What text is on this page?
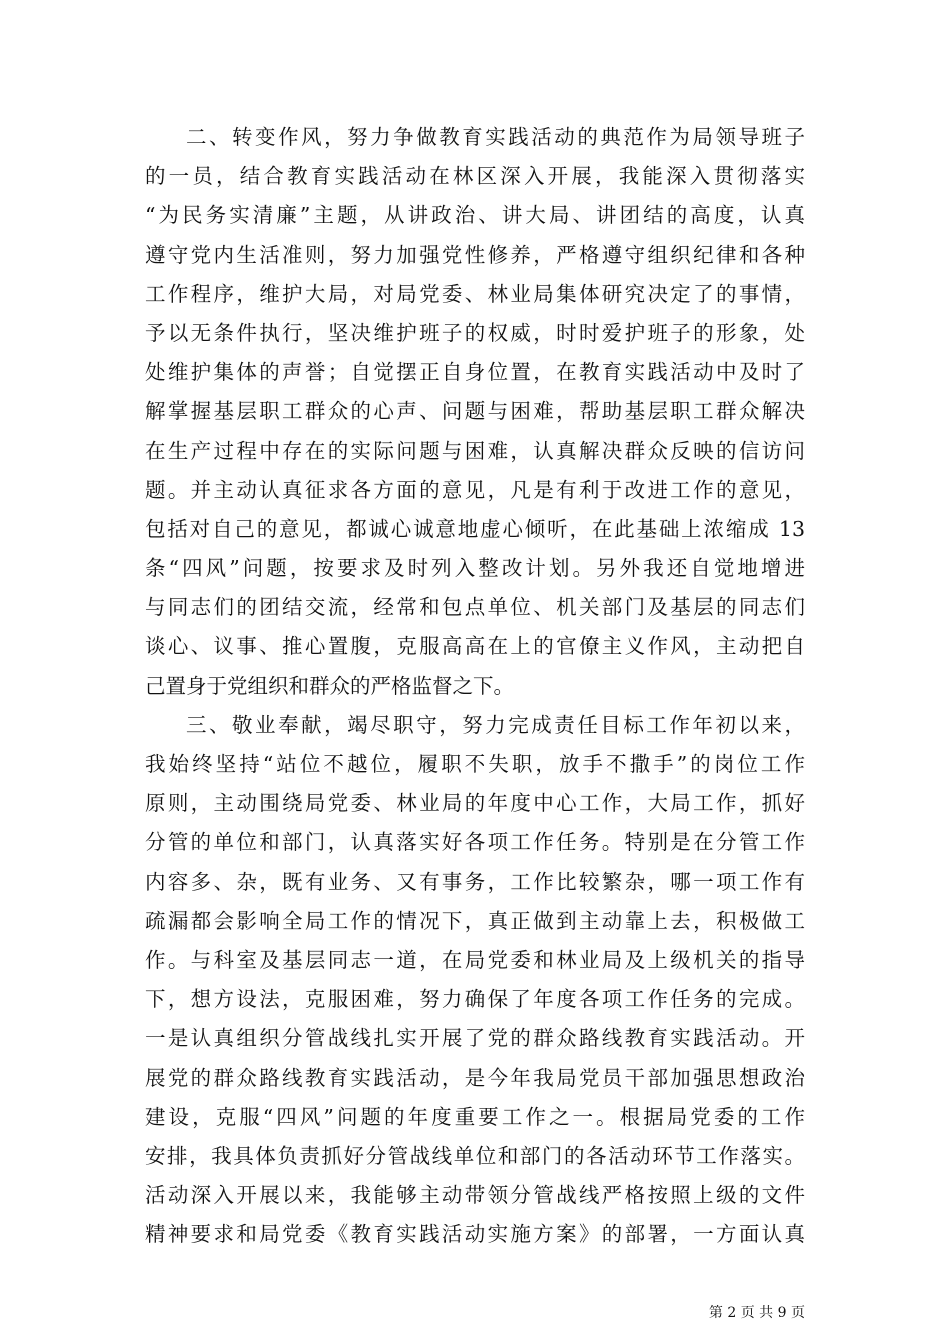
二、转变作风，努力争做教育实践活动的典范作为局领导班子
的一员，结合教育实践活动在林区深入开展，我能深入贯彻落实
“为民务实清廉”主题，从讲政治、讲大局、讲团结的高度，认真
遵守党内生活准则，努力加强党性修养，严格遵守组织纪律和各种
工作程序，维护大局，对局党委、林业局集体研究决定了的事情，
予以无条件执行，坚决维护班子的权威，时时爱护班子的形象，处
处维护集体的声誉；自觉摆正自身位置，在教育实践活动中及时了
解掌握基层职工群众的心声、问题与困难，帮助基层职工群众解决
在生产过程中存在的实际问题与困难，认真解决群众反映的信访问
题。并主动认真征求各方面的意见，凡是有利于改进工作的意见，
包括对自己的意见，都诚心诚意地虚心倾听，在此基础上浓缩成 13
条“四风”问题，按要求及时列入整改计划。另外我还自觉地增进
与同志们的团结交流，经常和包点单位、机关部门及基层的同志们
谈心、议事、推心置腹，克服高高在上的官僚主义作风，主动把自
己置身于党组织和群众的严格监督之下。
三、敬业奉献，竭尽职守，努力完成责任目标工作年初以来，
我始终坚持“站位不越位，履职不失职，放手不撒手”的岗位工作
原则，主动围绕局党委、林业局的年度中心工作，大局工作，抓好
分管的单位和部门，认真落实好各项工作任务。特别是在分管工作
内容多、杂，既有业务、又有事务，工作比较繁杂，哪一项工作有
疏漏都会影响全局工作的情况下，真正做到主动靠上去，积极做工
作。与科室及基层同志一道，在局党委和林业局及上级机关的指导
下，想方设法，克服困难，努力确保了年度各项工作任务的完成。
一是认真组织分管战线扎实开展了党的群众路线教育实践活动。开
展党的群众路线教育实践活动，是今年我局党员干部加强思想政治
建设，克服“四风”问题的年度重要工作之一。根据局党委的工作
安排，我具体负责抓好分管战线单位和部门的各活动环节工作落实。
活动深入开展以来，我能够主动带领分管战线严格按照上级的文件
精神要求和局党委《教育实践活动实施方案》的部署，一方面认真
第 2 页 共 9 页
